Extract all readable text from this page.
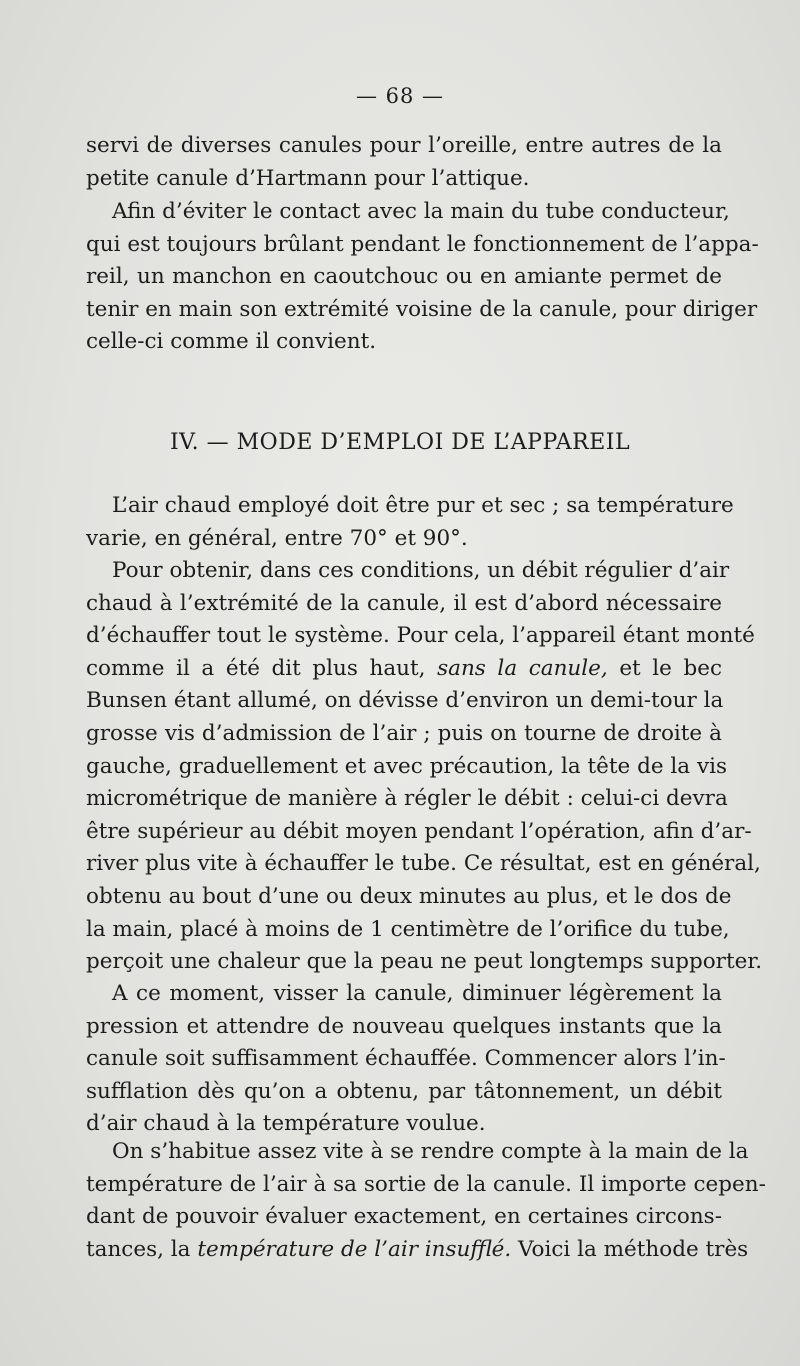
— 68 —
servi de diverses canules pour l’oreille, entre autres de la
petite canule d’Hartmann pour l’attique.
Afin d’éviter le contact avec la main du tube conducteur,
qui est toujours brûlant pendant le fonctionnement de l’appa-
reil, un manchon en caoutchouc ou en amiante permet de
tenir en main son extrémité voisine de la canule, pour diriger
celle-ci comme il convient.
IV. — MODE D’EMPLOI DE L’APPAREIL
L’air chaud employé doit être pur et sec ; sa température
varie, en général, entre 70° et 90°.
Pour obtenir, dans ces conditions, un débit régulier d’air
chaud à l’extrémité de la canule, il est d’abord nécessaire
d’échauffer tout le système. Pour cela, l’appareil étant monté
comme il a été dit plus haut, sans la canule, et le bec
Bunsen étant allumé, on dévisse d’environ un demi-tour la
grosse vis d’admission de l’air ; puis on tourne de droite à
gauche, graduellement et avec précaution, la tête de la vis
micrométrique de manière à régler le débit : celui-ci devra
être supérieur au débit moyen pendant l’opération, afin d’ar-
river plus vite à échauffer le tube. Ce résultat, est en général,
obtenu au bout d’une ou deux minutes au plus, et le dos de
la main, placé à moins de 1 centimètre de l’orifice du tube,
perçoit une chaleur que la peau ne peut longtemps supporter.
A ce moment, visser la canule, diminuer légèrement la
pression et attendre de nouveau quelques instants que la
canule soit suffisamment échauffée. Commencer alors l’in-
sufflation dès qu’on a obtenu, par tâtonnement, un débit
d’air chaud à la température voulue.
On s’habitue assez vite à se rendre compte à la main de la
température de l’air à sa sortie de la canule. Il importe cepen-
dant de pouvoir évaluer exactement, en certaines circons-
tances, la température de l’air insufflé. Voici la méthode très
